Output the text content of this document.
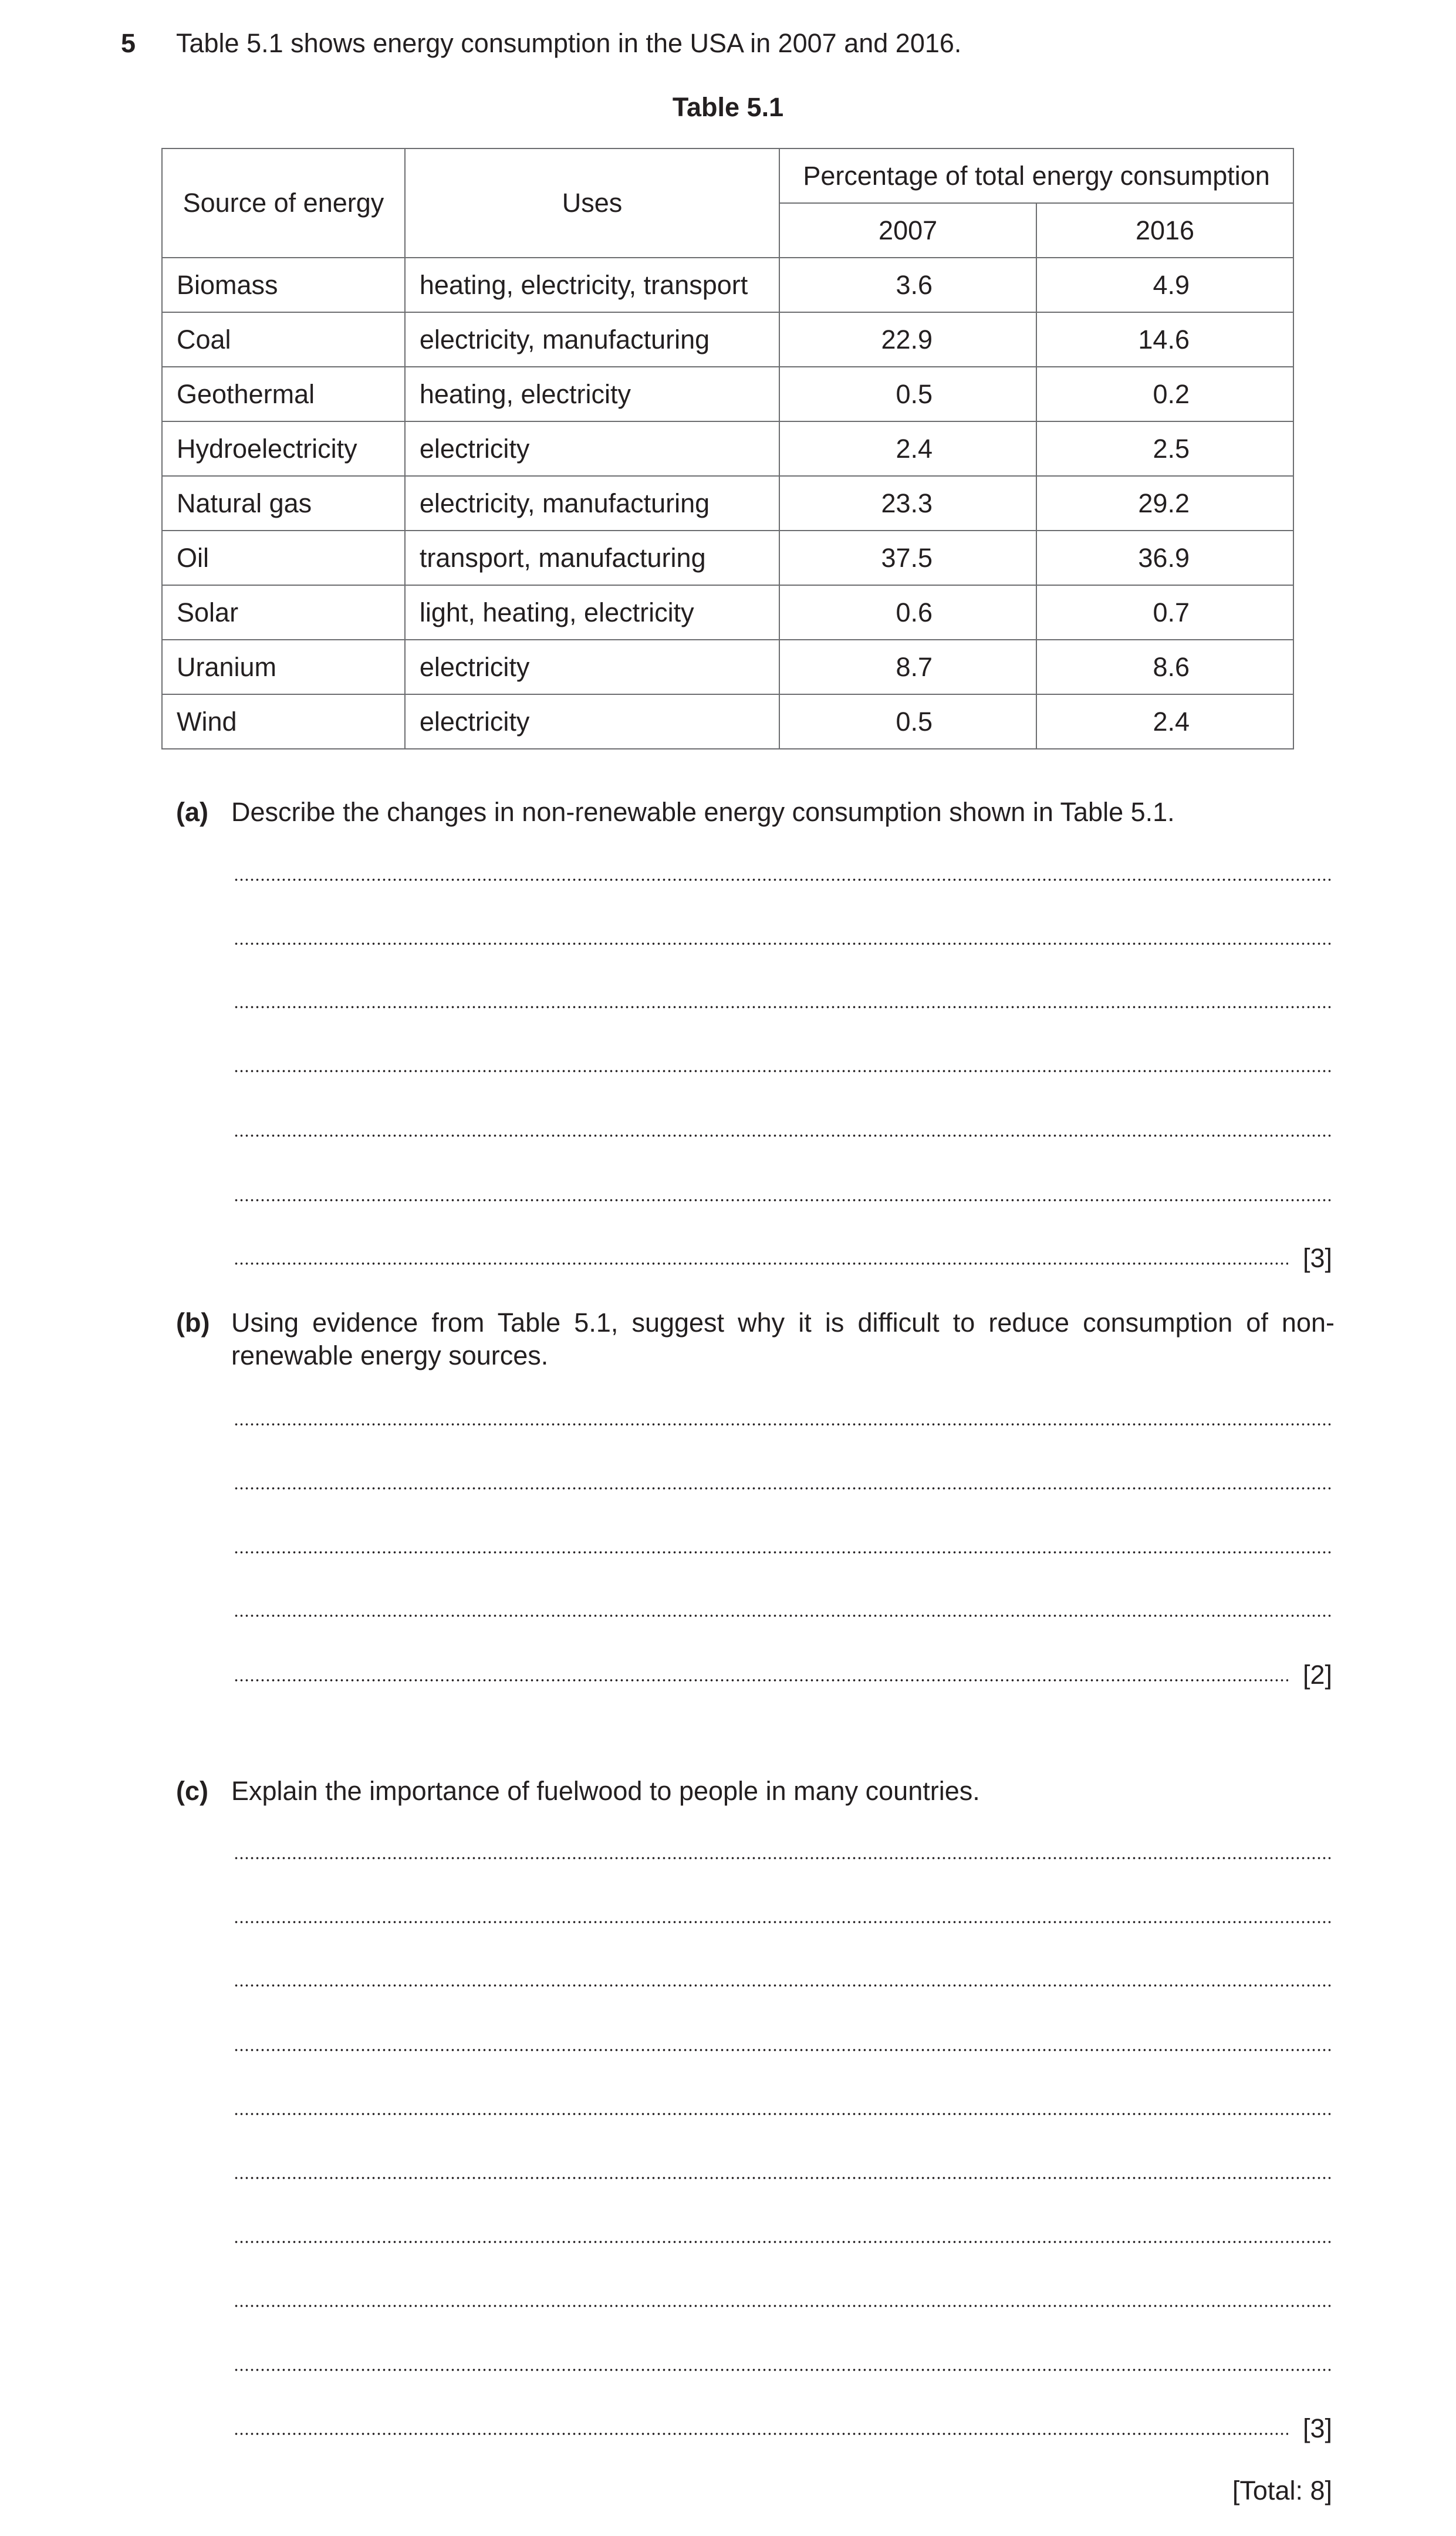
5 Table 5.1 shows energy consumption in the USA in 2007 and 2016.
Table 5.1
Source of energy	Uses	Percentage of total energy consumption	
		2007	2016
Biomass	heating, electricity, transport	3.6	4.9
Coal	electricity, manufacturing	22.9	14.6
Geothermal	heating, electricity	0.5	0.2
Hydroelectricity	electricity	2.4	2.5
Natural gas	electricity, manufacturing	23.3	29.2
Oil	transport, manufacturing	37.5	36.9
Solar	light, heating, electricity	0.6	0.7
Uranium	electricity	8.7	8.6
Wind	electricity	0.5	2.4
(a) Describe the changes in non-renewable energy consumption shown in Table 5.1.
[3]
(b) Using evidence from Table 5.1, suggest why it is difficult to reduce consumption of non-renewable energy sources.
[2]
(c) Explain the importance of fuelwood to people in many countries.
[3]
[Total: 8]
